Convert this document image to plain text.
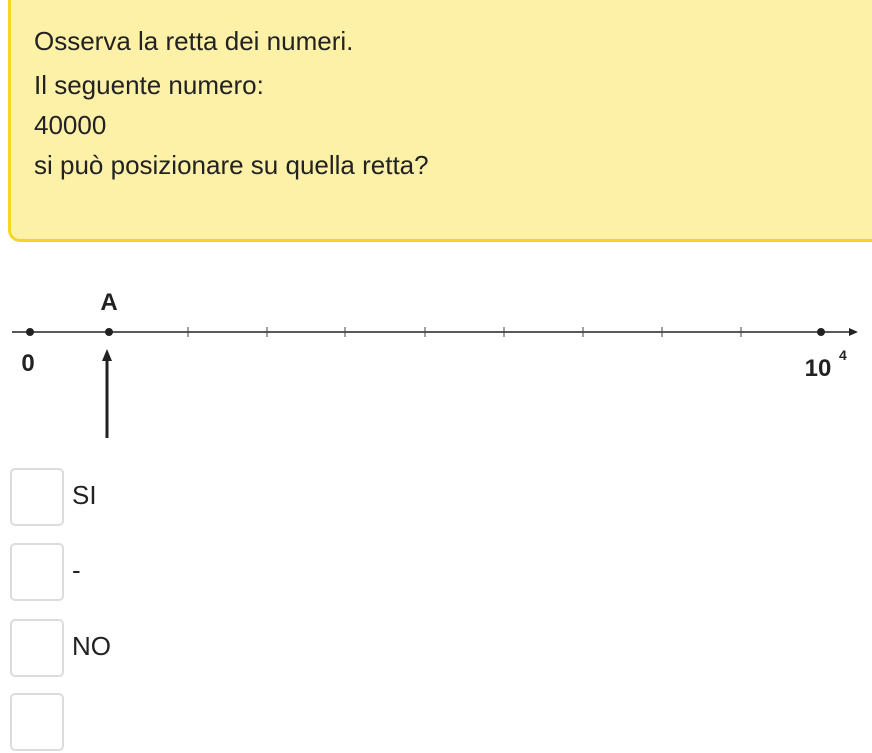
Osserva la retta dei numeri.
Il seguente numero:
40000
si può posizionare su quella retta?
A
0	10 4
SI
-
NO
